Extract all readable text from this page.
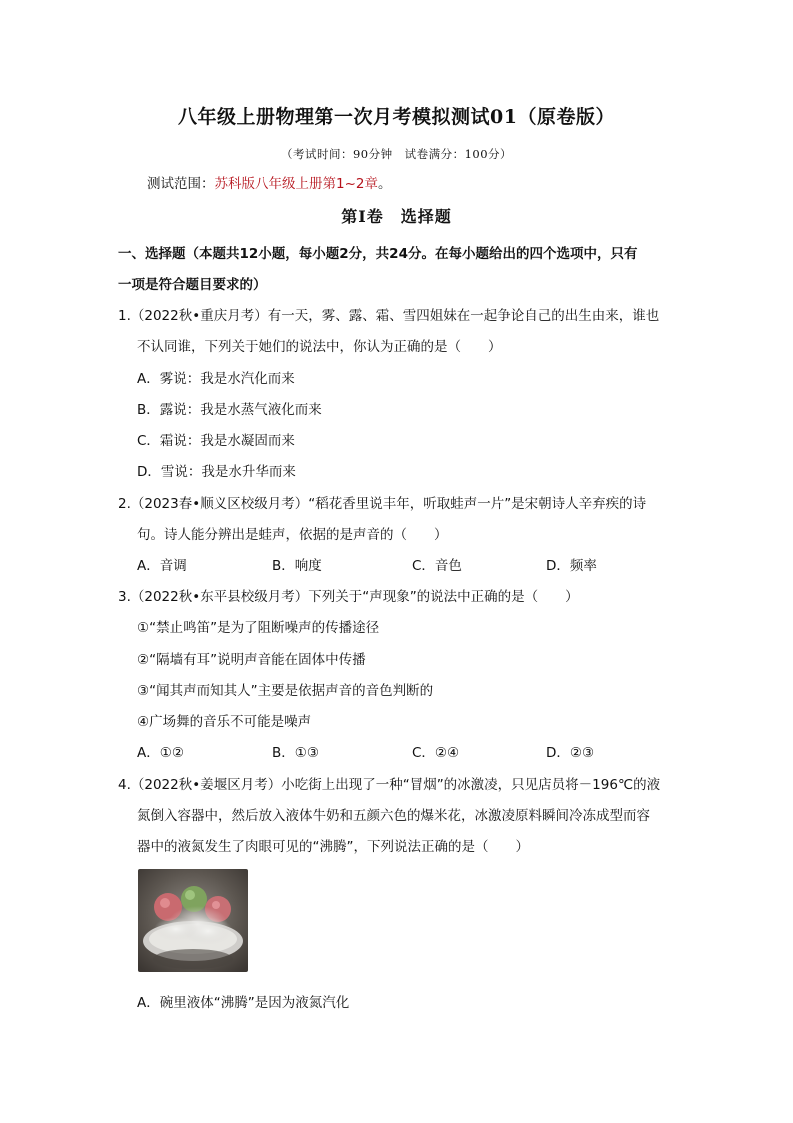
八年级上册物理第一次月考模拟测试01（原卷版）
（考试时间：90分钟　试卷满分：100分）
测试范围：苏科版八年级上册第1~2章。
第Ⅰ卷　选择题
一、选择题（本题共12小题，每小题2分，共24分。在每小题给出的四个选项中，只有
一项是符合题目要求的）
1.（2022秋•重庆月考）有一天，雾、露、霜、雪四姐妹在一起争论自己的出生由来，谁也
不认同谁，下列关于她们的说法中，你认为正确的是（　　）
A．雾说：我是水汽化而来
B．露说：我是水蒸气液化而来
C．霜说：我是水凝固而来
D．雪说：我是水升华而来
2.（2023春•顺义区校级月考）“稻花香里说丰年，听取蛙声一片”是宋朝诗人辛弃疾的诗
句。诗人能分辨出是蛙声，依据的是声音的（　　）
A．音调	B．响度	C．音色	D．频率
3.（2022秋•东平县校级月考）下列关于“声现象”的说法中正确的是（　　）
①“禁止鸣笛”是为了阻断噪声的传播途径
②“隔墙有耳”说明声音能在固体中传播
③“闻其声而知其人”主要是依据声音的音色判断的
④广场舞的音乐不可能是噪声
A．①②	B．①③	C．②④	D．②③
4.（2022秋•姜堰区月考）小吃街上出现了一种“冒烟”的冰激凌，只见店员将－196℃的液
氮倒入容器中，然后放入液体牛奶和五颜六色的爆米花，冰激凌原料瞬间冷冻成型而容
器中的液氮发生了肉眼可见的“沸腾”，下列说法正确的是（　　）
A．碗里液体“沸腾”是因为液氮汽化
